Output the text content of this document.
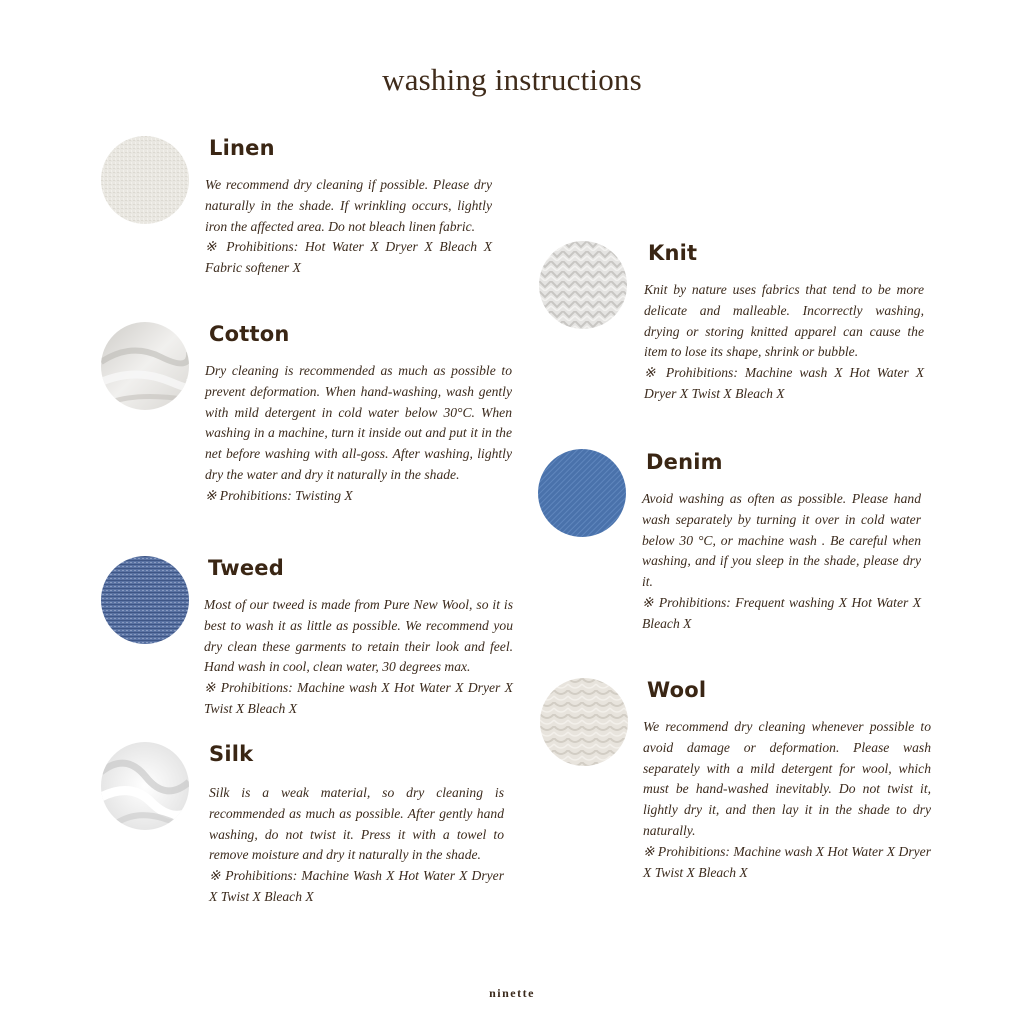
washing instructions
Linen

We recommend dry cleaning if possible. Please dry naturally in the shade. If wrinkling occurs, lightly iron the affected area. Do not bleach linen fabric.

※ Prohibitions: Hot Water X Dryer X Bleach X Fabric softener X

Cotton

Dry cleaning is recommended as much as possible to prevent deformation. When hand-washing, wash gently with mild detergent in cold water below 30°C. When washing in a machine, turn it inside out and put it in the net before washing with all-goss. After washing, lightly dry the water and dry it naturally in the shade.

※ Prohibitions: Twisting X

Tweed

Most of our tweed is made from Pure New Wool, so it is best to wash it as little as possible. We recommend you dry clean these garments to retain their look and feel. Hand wash in cool, clean water, 30 degrees max.

※ Prohibitions: Machine wash X Hot Water X Dryer X Twist X Bleach X

Silk

Silk is a weak material, so dry cleaning is recommended as much as possible. After gently hand washing, do not twist it. Press it with a towel to remove moisture and dry it naturally in the shade.

※ Prohibitions: Machine Wash X Hot Water X Dryer X Twist X Bleach X

Knit

Knit by nature uses fabrics that tend to be more delicate and malleable. Incorrectly washing, drying or storing knitted apparel can cause the item to lose its shape, shrink or bubble.

※ Prohibitions: Machine wash X Hot Water X Dryer X Twist X Bleach X

Denim

Avoid washing as often as possible. Please hand wash separately by turning it over in cold water below 30 °C, or machine wash . Be careful when washing, and if you sleep in the shade, please dry it.

※ Prohibitions: Frequent washing X Hot Water X Bleach X

Wool

We recommend dry cleaning whenever possible to avoid damage or deformation. Please wash separately with a mild detergent for wool, which must be hand-washed inevitably. Do not twist it, lightly dry it, and then lay it in the shade to dry naturally.

※ Prohibitions: Machine wash X Hot Water X Dryer X Twist X Bleach X

ninette
